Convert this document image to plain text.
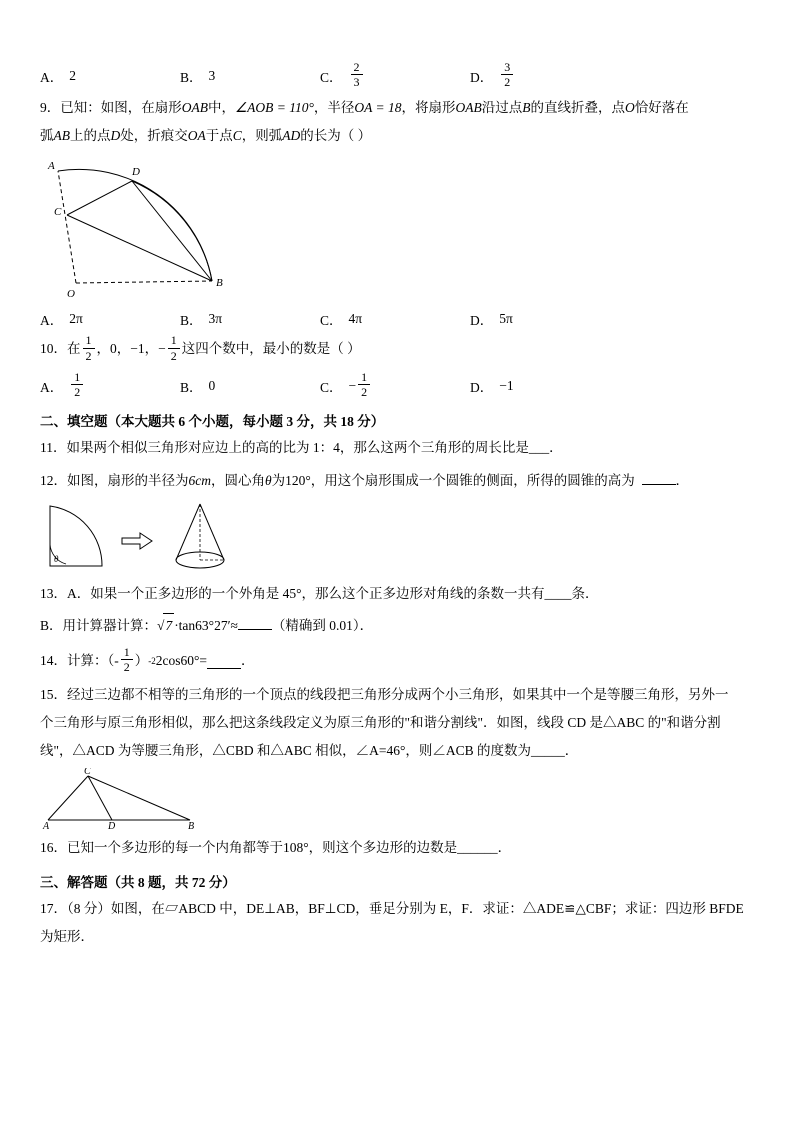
A． 2	B． 3	C． $\frac{2}{3}$	D． $\frac{3}{2}$
9．已知：如图，在扇形OAB中，∠AOB = 110°，半径OA = 18，将扇形OAB沿过点B的直线折叠，点O恰好落在
弧AB上的点D处，折痕交OA于点C，则弧AD的长为（ ）
A
B
C
D
O
A． 2π	B． 3π	C． 4π	D． 5π
10． 在 $\frac{1}{2}$ ，0，−1，− $\frac{1}{2}$ 这四个数中，最小的数是（ ）
A． $\frac{1}{2}$	B． 0	C． − $\frac{1}{2}$	D． −1
二、填空题（本大题共 6 个小题，每小题 3 分，共 18 分）
11．如果两个相似三角形对应边上的高的比为 1：4，那么这两个三角形的周长比是___．
12．如图，扇形的半径为6cm，圆心角θ为120°，用这个扇形围成一个圆锥的侧面，所得的圆锥的高为	．
θ
13．A．如果一个正多边形的一个外角是 45°，那么这个正多边形对角线的条数一共有____条．
B．用计算器计算：√7 ·tan63°27′≈	（精确到 0.01）．
14． 计算：（- $\frac{1}{2}$ ） -2 2cos60°=	．
15．经过三边都不相等的三角形的一个顶点的线段把三角形分成两个小三角形，如果其中一个是等腰三角形，另外一
个三角形与原三角形相似，那么把这条线段定义为原三角形的"和谐分割线"．如图，线段 CD 是△ABC 的"和谐分割
线"，△ACD 为等腰三角形，△CBD 和△ABC 相似，∠A=46°，则∠ACB 的度数为_____．
C
A	D	B
16．已知一个多边形的每一个内角都等于108°，则这个多边形的边数是______．
三、解答题（共 8 题，共 72 分）
17．（8 分）如图，在▱ABCD 中，DE⊥AB，BF⊥CD，垂足分别为 E，F．求证：△ADE≌△CBF；求证：四边形 BFDE
为矩形．
